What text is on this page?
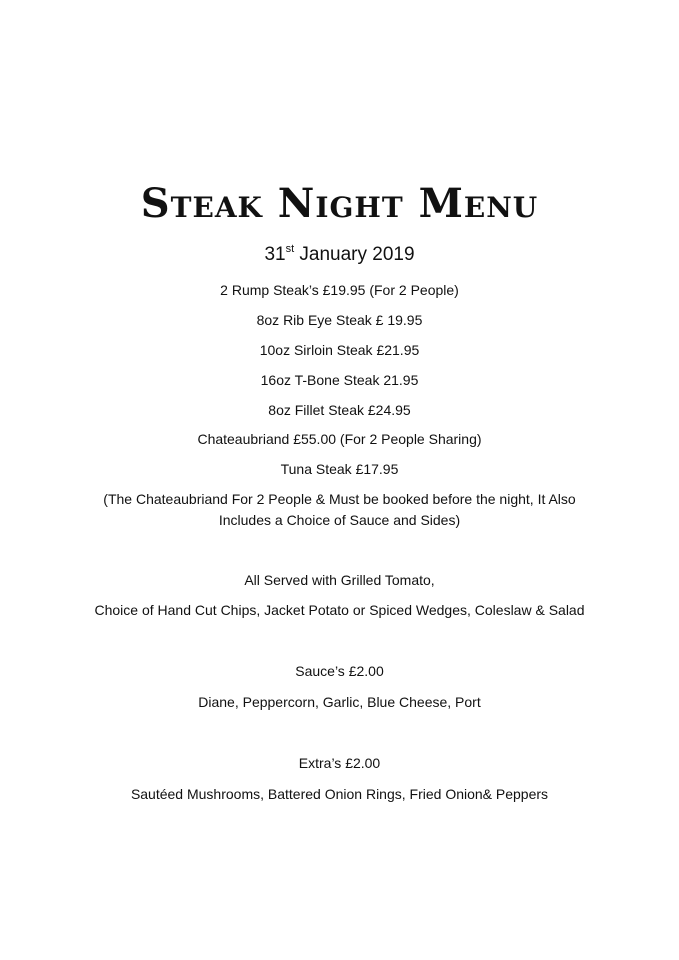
Steak Night Menu
31st January 2019
2 Rump Steak’s £19.95 (For 2 People)
8oz Rib Eye Steak £ 19.95
10oz Sirloin Steak £21.95
16oz T-Bone Steak 21.95
8oz Fillet Steak £24.95
Chateaubriand £55.00 (For 2 People Sharing)
Tuna Steak £17.95
(The Chateaubriand For 2 People & Must be booked before the night, It Also
Includes a Choice of Sauce and Sides)
All Served with Grilled Tomato,
Choice of Hand Cut Chips, Jacket Potato or Spiced Wedges, Coleslaw & Salad
Sauce’s £2.00
Diane, Peppercorn, Garlic, Blue Cheese, Port
Extra’s £2.00
Sautéed Mushrooms, Battered Onion Rings, Fried Onion& Peppers
